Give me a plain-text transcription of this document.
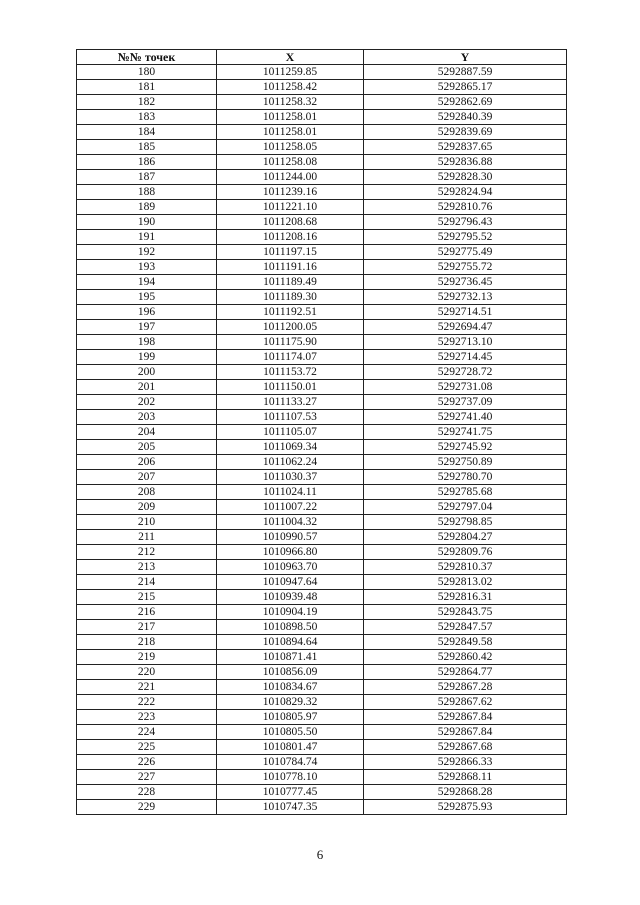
№№ точек	X	Y
180	1011259.85	5292887.59
181	1011258.42	5292865.17
182	1011258.32	5292862.69
183	1011258.01	5292840.39
184	1011258.01	5292839.69
185	1011258.05	5292837.65
186	1011258.08	5292836.88
187	1011244.00	5292828.30
188	1011239.16	5292824.94
189	1011221.10	5292810.76
190	1011208.68	5292796.43
191	1011208.16	5292795.52
192	1011197.15	5292775.49
193	1011191.16	5292755.72
194	1011189.49	5292736.45
195	1011189.30	5292732.13
196	1011192.51	5292714.51
197	1011200.05	5292694.47
198	1011175.90	5292713.10
199	1011174.07	5292714.45
200	1011153.72	5292728.72
201	1011150.01	5292731.08
202	1011133.27	5292737.09
203	1011107.53	5292741.40
204	1011105.07	5292741.75
205	1011069.34	5292745.92
206	1011062.24	5292750.89
207	1011030.37	5292780.70
208	1011024.11	5292785.68
209	1011007.22	5292797.04
210	1011004.32	5292798.85
211	1010990.57	5292804.27
212	1010966.80	5292809.76
213	1010963.70	5292810.37
214	1010947.64	5292813.02
215	1010939.48	5292816.31
216	1010904.19	5292843.75
217	1010898.50	5292847.57
218	1010894.64	5292849.58
219	1010871.41	5292860.42
220	1010856.09	5292864.77
221	1010834.67	5292867.28
222	1010829.32	5292867.62
223	1010805.97	5292867.84
224	1010805.50	5292867.84
225	1010801.47	5292867.68
226	1010784.74	5292866.33
227	1010778.10	5292868.11
228	1010777.45	5292868.28
229	1010747.35	5292875.93
6
